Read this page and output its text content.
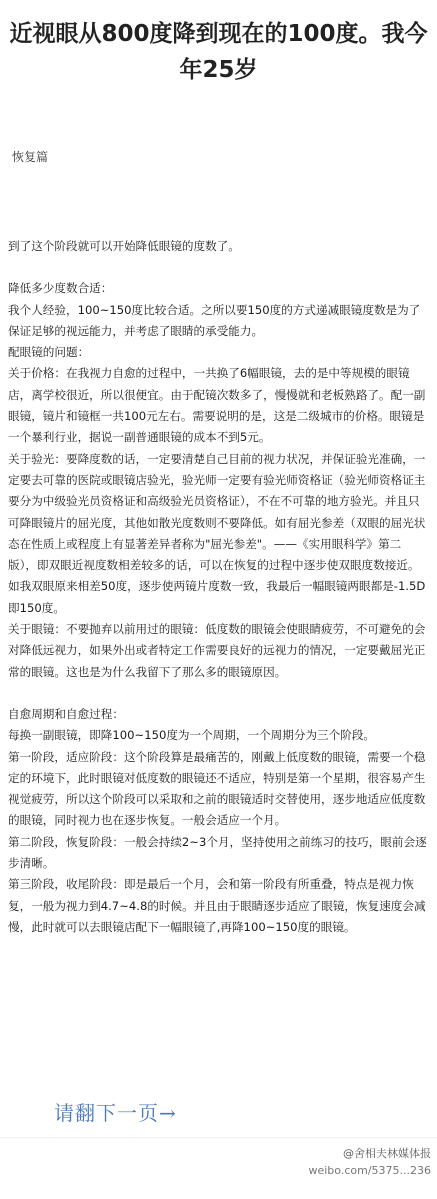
近视眼从800度降到现在的100度。我今年25岁
恢复篇

到了这个阶段就可以开始降低眼镜的度数了。

降低多少度数合适：

我个人经验，100~150度比较合适。之所以要150度的方式递减眼镜度数是为了保证足够的视远能力，并考虑了眼睛的承受能力。

配眼镜的问题：

关于价格：在我视力自愈的过程中，一共换了6幅眼镜，去的是中等规模的眼镜店，离学校很近，所以很便宜。由于配镜次数多了，慢慢就和老板熟路了。配一副眼镜，镜片和镜框一共100元左右。需要说明的是，这是二级城市的价格。眼镜是一个暴利行业，据说一副普通眼镜的成本不到5元。

关于验光：要降度数的话，一定要清楚自己目前的视力状况，并保证验光准确，一定要去可靠的医院或眼镜店验光，验光师一定要有验光师资格证（验光师资格证主要分为中级验光员资格证和高级验光员资格证），不在不可靠的地方验光。并且只可降眼镜片的屈光度，其他如散光度数则不要降低。如有屈光参差（双眼的屈光状态在性质上或程度上有显著差异者称为"屈光参差"。——《实用眼科学》第二版），即双眼近视度数相差较多的话，可以在恢复的过程中逐步使双眼度数接近。如我双眼原来相差50度，逐步使两镜片度数一致，我最后一幅眼镜两眼都是-1.5D即150度。

关于眼镜：不要抛弃以前用过的眼镜：低度数的眼镜会使眼睛疲劳，不可避免的会对降低远视力，如果外出或者特定工作需要良好的远视力的情况，一定要戴屈光正常的眼镜。这也是为什么我留下了那么多的眼镜原因。

自愈周期和自愈过程：

每换一副眼镜，即降100~150度为一个周期，一个周期分为三个阶段。

第一阶段，适应阶段：这个阶段算是最痛苦的，刚戴上低度数的眼镜，需要一个稳定的环境下，此时眼镜对低度数的眼镜还不适应，特别是第一个星期，很容易产生视觉疲劳，所以这个阶段可以采取和之前的眼镜适时交替使用，逐步地适应低度数的眼镜，同时视力也在逐步恢复。一般会适应一个月。

第二阶段，恢复阶段：一般会持续2~3个月，坚持使用之前练习的技巧，眼前会逐步清晰。

第三阶段，收尾阶段：即是最后一个月，会和第一阶段有所重叠，特点是视力恢复，一般为视力到4.7~4.8的时候。并且由于眼睛逐步适应了眼镜，恢复速度会减慢，此时就可以去眼镜店配下一幅眼镜了,再降100~150度的眼镜。

请翻下一页→
@舍相夫林媒体报
weibo.com/5375...236
